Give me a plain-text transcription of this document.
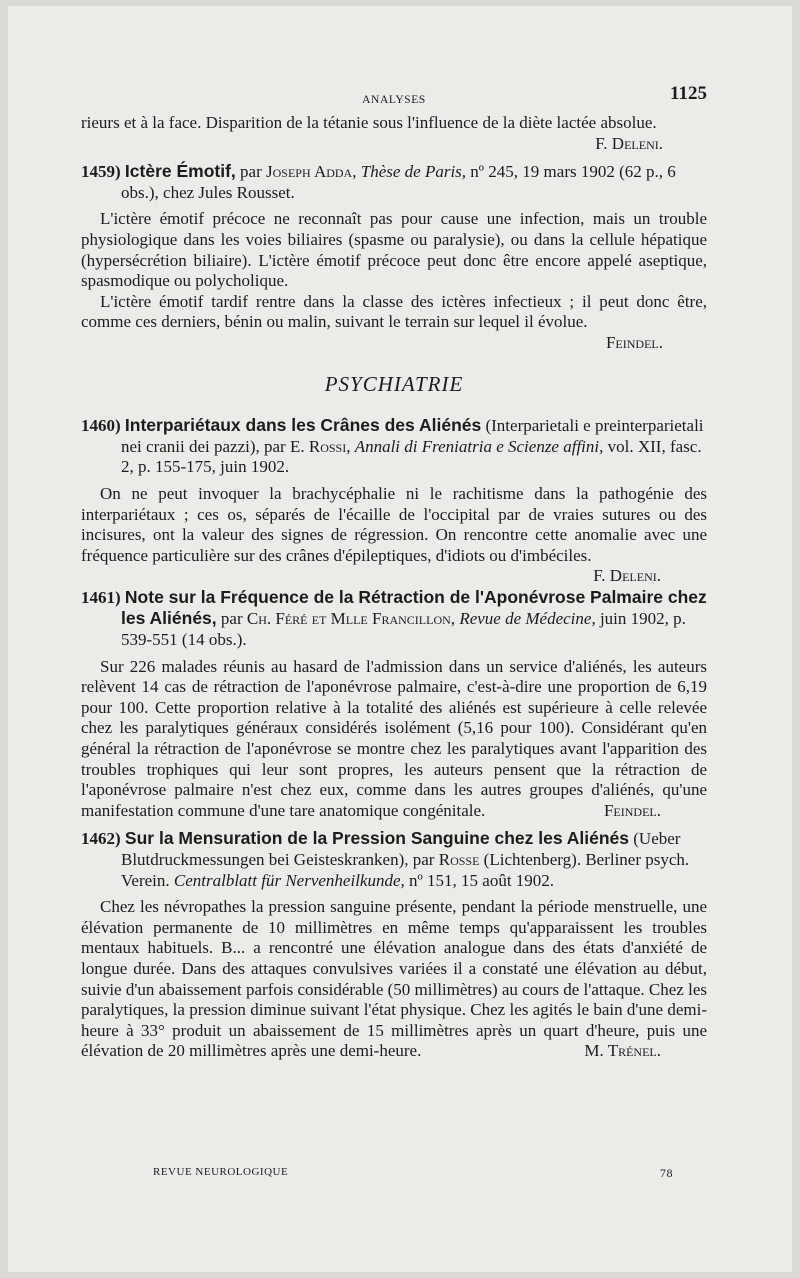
ANALYSES	1125

rieurs et à la face. Disparition de la tétanie sous l'influence de la diète lactée absolue.

F. Deleni.

1459) Ictère Émotif, par Joseph Adda, Thèse de Paris, nº 245, 19 mars 1902 (62 p., 6 obs.), chez Jules Rousset.

L'ictère émotif précoce ne reconnaît pas pour cause une infection, mais un trouble physiologique dans les voies biliaires (spasme ou paralysie), ou dans la cellule hépatique (hypersécrétion biliaire). L'ictère émotif précoce peut donc être encore appelé aseptique, spasmodique ou polycholique.

L'ictère émotif tardif rentre dans la classe des ictères infectieux ; il peut donc être, comme ces derniers, bénin ou malin, suivant le terrain sur lequel il évolue.

Feindel.

PSYCHIATRIE

1460) Interpariétaux dans les Crânes des Aliénés (Interparietali e preinterparietali nei cranii dei pazzi), par E. Rossi, Annali di Freniatria e Scienze affini, vol. XII, fasc. 2, p. 155-175, juin 1902.

On ne peut invoquer la brachycéphalie ni le rachitisme dans la pathogénie des interpariétaux ; ces os, séparés de l'écaille de l'occipital par de vraies sutures ou des incisures, ont la valeur des signes de régression. On rencontre cette anomalie avec une fréquence particulière sur des crânes d'épileptiques, d'idiots ou d'imbéciles.
F. Deleni.

1461) Note sur la Fréquence de la Rétraction de l'Aponévrose Palmaire chez les Aliénés, par Ch. Féré et Mlle Francillon, Revue de Médecine, juin 1902, p. 539-551 (14 obs.).

Sur 226 malades réunis au hasard de l'admission dans un service d'aliénés, les auteurs relèvent 14 cas de rétraction de l'aponévrose palmaire, c'est-à-dire une proportion de 6,19 pour 100. Cette proportion relative à la totalité des aliénés est supérieure à celle relevée chez les paralytiques généraux considérés isolément (5,16 pour 100). Considérant qu'en général la rétraction de l'aponévrose se montre chez les paralytiques avant l'apparition des troubles trophiques qui leur sont propres, les auteurs pensent que la rétraction de l'aponévrose palmaire n'est chez eux, comme dans les autres groupes d'aliénés, qu'une manifestation commune d'une tare anatomique congénitale.	Feindel.

1462) Sur la Mensuration de la Pression Sanguine chez les Aliénés (Ueber Blutdruckmessungen bei Geisteskranken), par Rosse (Lichtenberg). Berliner psych. Verein. Centralblatt für Nervenheilkunde, nº 151, 15 août 1902.

Chez les névropathes la pression sanguine présente, pendant la période menstruelle, une élévation permanente de 10 millimètres en même temps qu'apparaissent les troubles mentaux habituels. B... a rencontré une élévation analogue dans des états d'anxiété de longue durée. Dans des attaques convulsives variées il a constaté une élévation au début, suivie d'un abaissement parfois considérable (50 millimètres) au cours de l'attaque. Chez les paralytiques, la pression diminue suivant l'état physique. Chez les agités le bain d'une demi-heure à 33° produit un abaissement de 15 millimètres après un quart d'heure, puis une élévation de 20 millimètres après une demi-heure.	M. Trénel.

REVUE NEUROLOGIQUE	78
